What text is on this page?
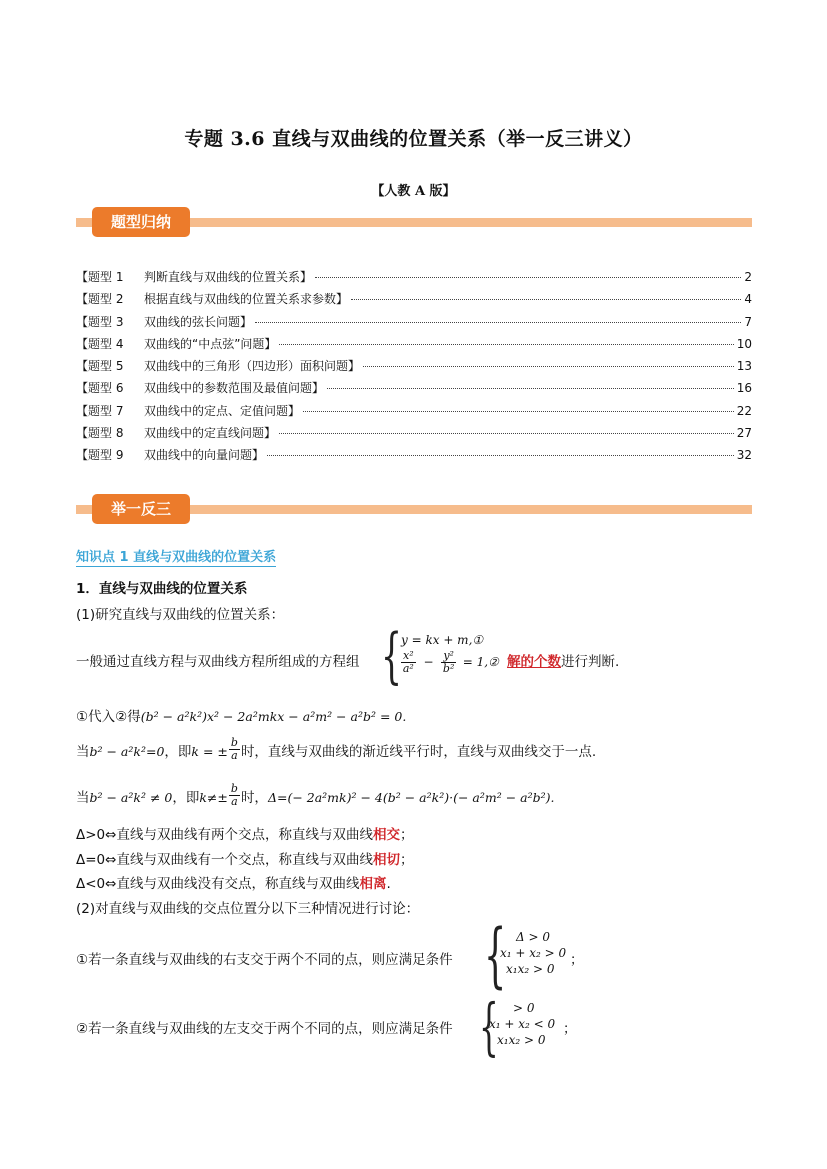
专题 3.6 直线与双曲线的位置关系（举一反三讲义）
【人教 A 版】
题型归纳
【题型 1	判断直线与双曲线的位置关系】	2
【题型 2	根据直线与双曲线的位置关系求参数】	4
【题型 3	双曲线的弦长问题】	7
【题型 4	双曲线的“中点弦”问题】	10
【题型 5	双曲线中的三角形（四边形）面积问题】	13
【题型 6	双曲线中的参数范围及最值问题】	16
【题型 7	双曲线中的定点、定值问题】	22
【题型 8	双曲线中的定直线问题】	27
【题型 9	双曲线中的向量问题】	32
举一反三
知识点 1 直线与双曲线的位置关系
1．直线与双曲线的位置关系
(1)研究直线与双曲线的位置关系：
一般通过直线方程与双曲线方程所组成的方程组 {
y = kx + m,①
$\frac{\text{x²}}{\text{a²}} - \frac{\text{y²}}{\text{b²}}$ = 1,② 解的个数进行判断.
①代入②得(b² − a²k²)x² − 2a²mkx − a²m² − a²b² = 0.
当b² − a²k²=0，即k = ± $\frac{b}{a}$ 时，直线与双曲线的渐近线平行时，直线与双曲线交于一点.
当b² − a²k² ≠ 0，即$k\ne\pm \frac{b}{a}$ 时，Δ=(− 2a²mk)² − 4(b² − a²k²)·(− a²m² − a²b²).
Δ>0⇔直线与双曲线有两个交点，称直线与双曲线相交；
Δ=0⇔直线与双曲线有一个交点，称直线与双曲线相切；
Δ<0⇔直线与双曲线没有交点，称直线与双曲线相离.
(2)对直线与双曲线的交点位置分以下三种情况进行讨论：
①若一条直线与双曲线的右支交于两个不同的点，则应满足条件 { Δ > 0
x₁ + x₂ > 0
x₁x₂ > 0
；
②若一条直线与双曲线的左支交于两个不同的点，则应满足条件 {	> 0
x₁ + x₂ < 0
x₁x₂ > 0
；
